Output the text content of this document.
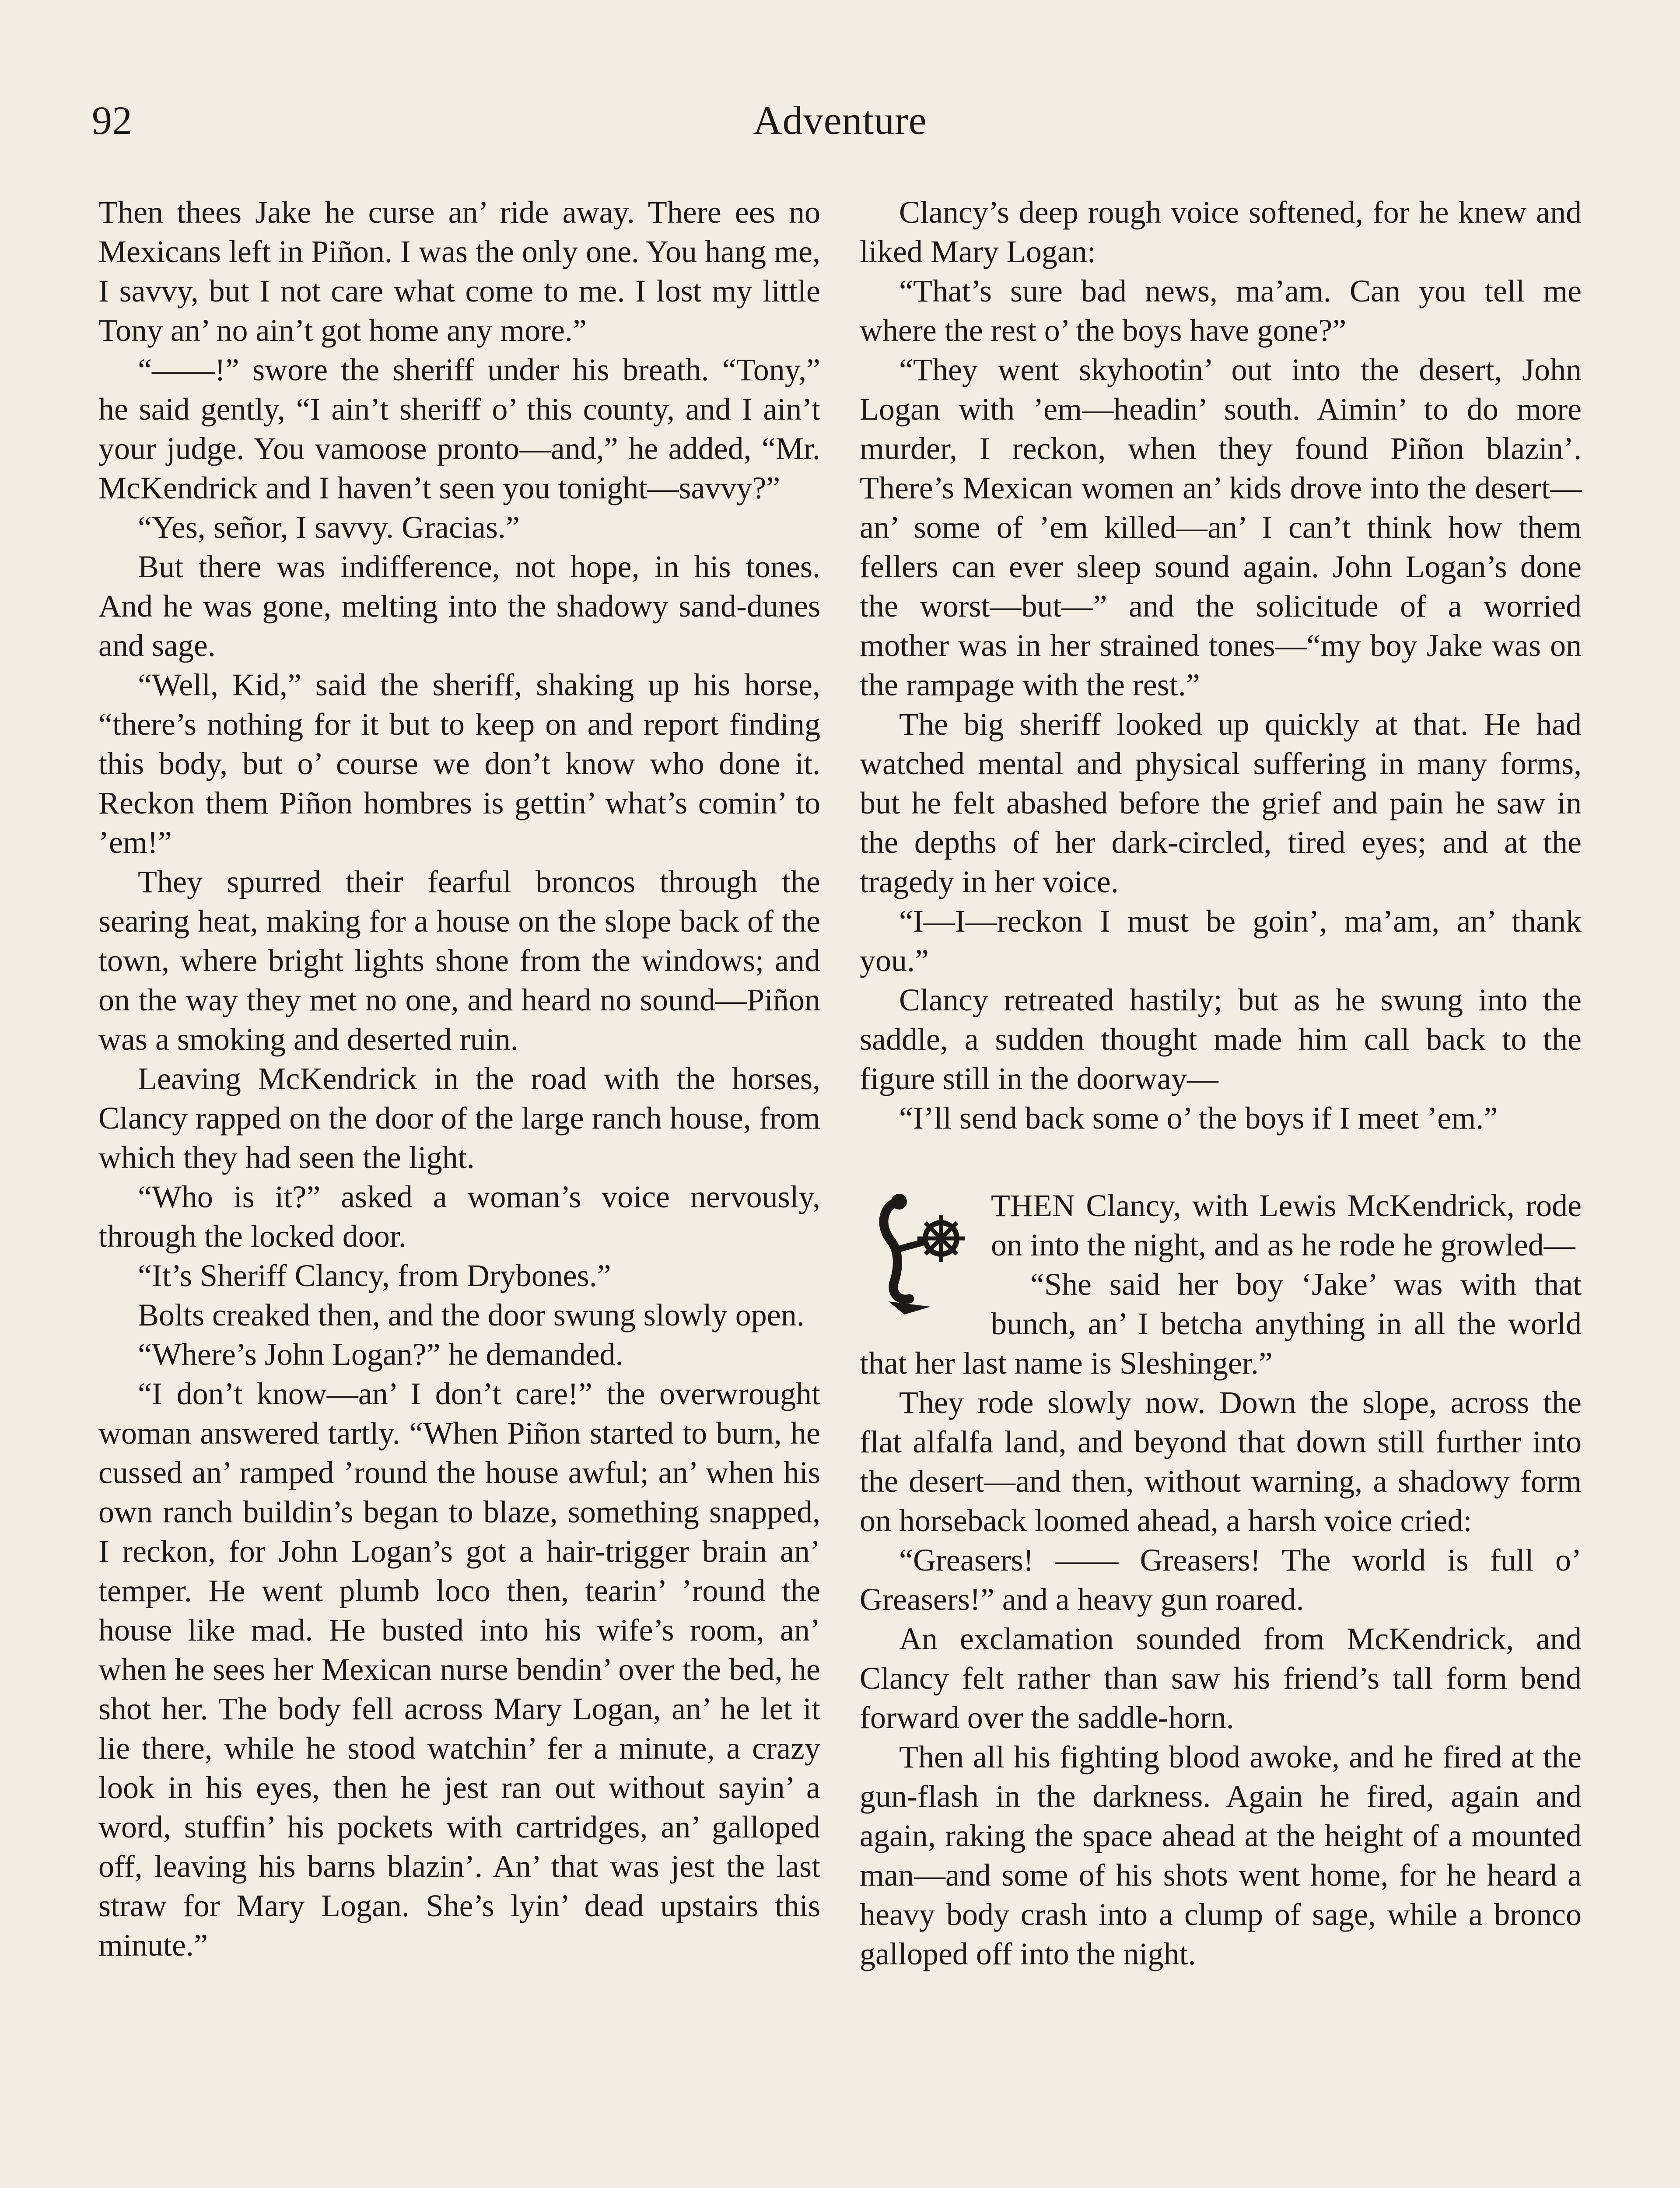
92	Adventure

Then thees Jake he curse an’ ride away. There ees no Mexicans left in Piñon. I was the only one. You hang me, I savvy, but I not care what come to me. I lost my little Tony an’ no ain’t got home any more.”

“——!” swore the sheriff under his breath. “Tony,” he said gently, “I ain’t sheriff o’ this county, and I ain’t your judge. You vamoose pronto—and,” he added, “Mr. McKendrick and I haven’t seen you tonight—savvy?”

“Yes, señor, I savvy. Gracias.”

But there was indifference, not hope, in his tones. And he was gone, melting into the shadowy sand-dunes and sage.

“Well, Kid,” said the sheriff, shaking up his horse, “there’s nothing for it but to keep on and report finding this body, but o’ course we don’t know who done it. Reckon them Piñon hombres is gettin’ what’s comin’ to ’em!”

They spurred their fearful broncos through the searing heat, making for a house on the slope back of the town, where bright lights shone from the windows; and on the way they met no one, and heard no sound—Piñon was a smoking and deserted ruin.

Leaving McKendrick in the road with the horses, Clancy rapped on the door of the large ranch house, from which they had seen the light.

“Who is it?” asked a woman’s voice nervously, through the locked door.

“It’s Sheriff Clancy, from Drybones.”

Bolts creaked then, and the door swung slowly open.

“Where’s John Logan?” he demanded.

“I don’t know—an’ I don’t care!” the overwrought woman answered tartly. “When Piñon started to burn, he cussed an’ ramped ’round the house awful; an’ when his own ranch buildin’s began to blaze, something snapped, I reckon, for John Logan’s got a hair-trigger brain an’ temper. He went plumb loco then, tearin’ ’round the house like mad. He busted into his wife’s room, an’ when he sees her Mexican nurse bendin’ over the bed, he shot her. The body fell across Mary Logan, an’ he let it lie there, while he stood watchin’ fer a minute, a crazy look in his eyes, then he jest ran out without sayin’ a word, stuffin’ his pockets with cartridges, an’ galloped off, leaving his barns blazin’. An’ that was jest the last straw for Mary Logan. She’s lyin’ dead upstairs this minute.”

Clancy’s deep rough voice softened, for he knew and liked Mary Logan:

“That’s sure bad news, ma’am. Can you tell me where the rest o’ the boys have gone?”

“They went skyhootin’ out into the desert, John Logan with ’em—headin’ south. Aimin’ to do more murder, I reckon, when they found Piñon blazin’. There’s Mexican women an’ kids drove into the desert—an’ some of ’em killed—an’ I can’t think how them fellers can ever sleep sound again. John Logan’s done the worst—but—” and the solicitude of a worried mother was in her strained tones—“my boy Jake was on the rampage with the rest.”

The big sheriff looked up quickly at that. He had watched mental and physical suffering in many forms, but he felt abashed before the grief and pain he saw in the depths of her dark-circled, tired eyes; and at the tragedy in her voice.

“I—I—reckon I must be goin’, ma’am, an’ thank you.”

Clancy retreated hastily; but as he swung into the saddle, a sudden thought made him call back to the figure still in the doorway—

“I’ll send back some o’ the boys if I meet ’em.”

THEN Clancy, with Lewis McKendrick, rode on into the night, and as he rode he growled—

“She said her boy ‘Jake’ was with that bunch, an’ I betcha anything in all the world that her last name is Sleshinger.”

They rode slowly now. Down the slope, across the flat alfalfa land, and beyond that down still further into the desert—and then, without warning, a shadowy form on horseback loomed ahead, a harsh voice cried:

“Greasers! —— Greasers! The world is full o’ Greasers!” and a heavy gun roared.

An exclamation sounded from McKendrick, and Clancy felt rather than saw his friend’s tall form bend forward over the saddle-horn.

Then all his fighting blood awoke, and he fired at the gun-flash in the darkness. Again he fired, again and again, raking the space ahead at the height of a mounted man—and some of his shots went home, for he heard a heavy body crash into a clump of sage, while a bronco galloped off into the night.
